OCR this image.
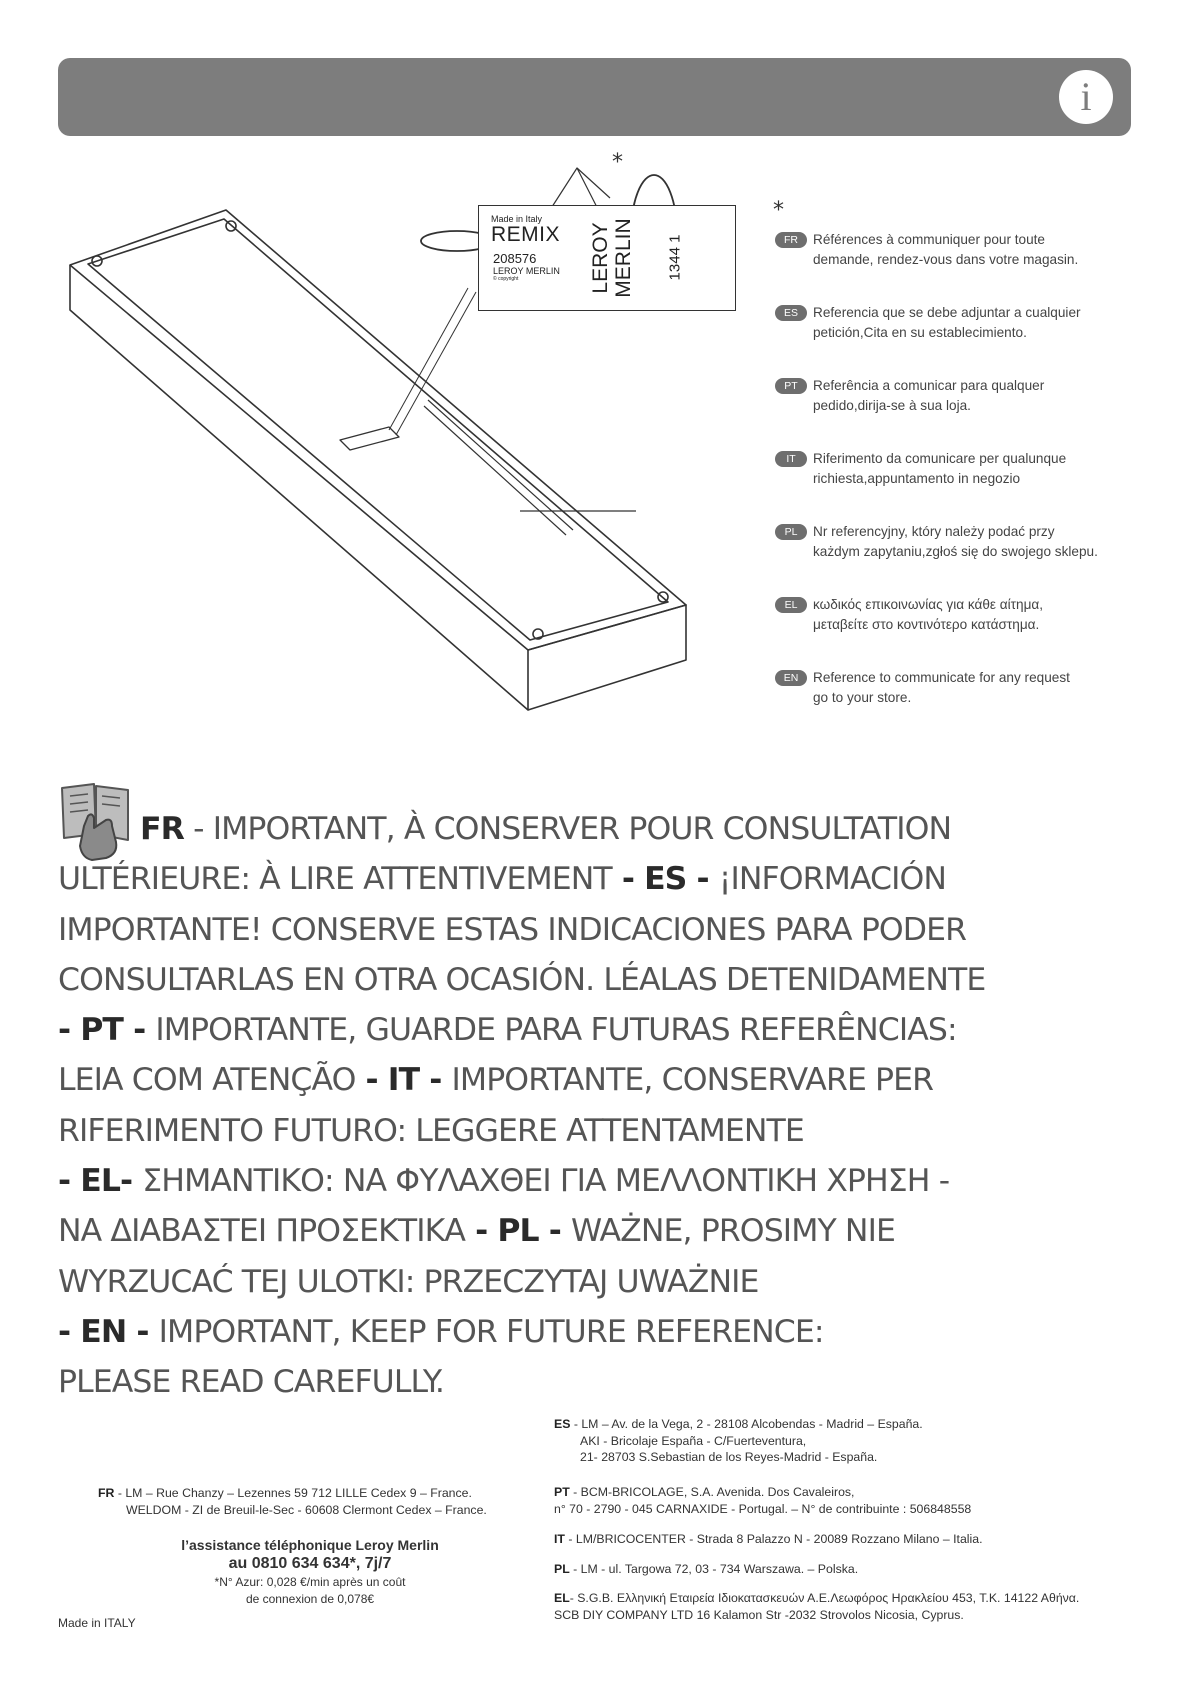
i
*
Made in Italy
REMIX
208576
LEROY MERLIN
© copyright	LEROY MERLIN 1344 1
*
FR	Références à communiquer pour toute
demande, rendez-vous dans votre magasin.
ES	Referencia que se debe adjuntar a cualquier
petición,Cita en su establecimiento.
PT	Referência a comunicar para qualquer
pedido,dirija-se à sua loja.
IT	Riferimento da comunicare per qualunque
richiesta,appuntamento in negozio
PL	Nr referencyjny, który należy podać przy
każdym zapytaniu,zgłoś się do swojego sklepu.
EL	κωδικός επικοινωνίας για κάθε αίτημα,
μεταβείτε στο κοντινότερο κατάστημα.
EN	Reference to communicate for any request
go to your store.
FR - IMPORTANT, À CONSERVER POUR CONSULTATION
ULTÉRIEURE: À LIRE ATTENTIVEMENT - ES - ¡INFORMACIÓN
IMPORTANTE! CONSERVE ESTAS INDICACIONES PARA PODER
CONSULTARLAS EN OTRA OCASIÓN. LÉALAS DETENIDAMENTE
- PT - IMPORTANTE, GUARDE PARA FUTURAS REFERÊNCIAS:
LEIA COM ATENÇÃO - IT - IMPORTANTE, CONSERVARE PER
RIFERIMENTO FUTURO: LEGGERE ATTENTAMENTE
- EL- ΣΗΜΑΝΤΙΚΟ: ΝΑ ΦΥΛΑΧΘΕΙ ΓΙΑ ΜΕΛΛΟΝΤΙΚΗ ΧΡΗΣΗ -
ΝΑ ΔΙΑΒΑΣΤΕΙ ΠΡΟΣΕΚΤΙΚΑ - PL - WAŻNE, PROSIMY NIE
WYRZUCAĆ TEJ ULOTKI: PRZECZYTAJ UWAŻNIE
- EN - IMPORTANT, KEEP FOR FUTURE REFERENCE:
PLEASE READ CAREFULLY.
FR - LM – Rue Chanzy – Lezennes 59 712 LILLE Cedex 9 – France.
WELDOM - ZI de Breuil-le-Sec - 60608 Clermont Cedex – France.
l’assistance téléphonique Leroy Merlin
au 0810 634 634*, 7j/7
*N° Azur: 0,028 €/min après un coût
de connexion de 0,078€
Made in ITALY
ES - LM – Av. de la Vega, 2 - 28108 Alcobendas - Madrid – España.
AKI - Bricolaje España - C/Fuerteventura,
21- 28703 S.Sebastian de los Reyes-Madrid - España.
PT - BCM-BRICOLAGE, S.A. Avenida. Dos Cavaleiros,
n° 70 - 2790 - 045 CARNAXIDE - Portugal. – N° de contribuinte : 506848558
IT - LM/BRICOCENTER - Strada 8 Palazzo N - 20089 Rozzano Milano – Italia.
PL - LM - ul. Targowa 72, 03 - 734 Warszawa. – Polska.
EL- S.G.B. Ελληνική Εταιρεία Ιδιοκατασκευών Α.Ε.Λεωφόρος Ηρακλείου 453, Τ.Κ. 14122 Αθήνα.
SCB DIY COMPANY LTD 16 Kalamon Str -2032 Strovolos Nicosia, Cyprus.
